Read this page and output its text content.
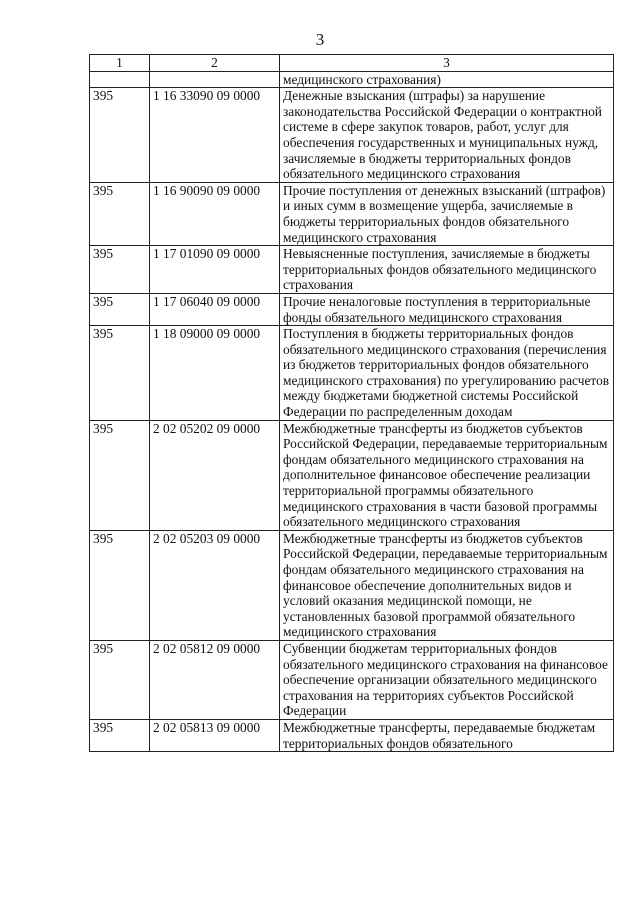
3
1	2	3
		медицинского страхования)
395	1 16 33090 09 0000	Денежные взыскания (штрафы) за нарушение законодательства Российской Федерации о контрактной системе в сфере закупок товаров, работ, услуг для обеспечения государственных и муниципальных нужд, зачисляемые в бюджеты территориальных фондов обязательного медицинского страхования
395	1 16 90090 09 0000	Прочие поступления от денежных взысканий (штрафов) и иных сумм в возмещение ущерба, зачисляемые в бюджеты территориальных фондов обязательного медицинского страхования
395	1 17 01090 09 0000	Невыясненные поступления, зачисляемые в бюджеты территориальных фондов обязательного медицинского страхования
395	1 17 06040 09 0000	Прочие неналоговые поступления в территориальные фонды обязательного медицинского страхования
395	1 18 09000 09 0000	Поступления в бюджеты территориальных фондов обязательного медицинского страхования (перечисления из бюджетов территориальных фондов обязательного медицинского страхования) по урегулированию расчетов между бюджетами бюджетной системы Российской Федерации по распределенным доходам
395	2 02 05202 09 0000	Межбюджетные трансферты из бюджетов субъектов Российской Федерации, передаваемые территориальным фондам обязательного медицинского страхования на дополнительное финансовое обеспечение реализации территориальной программы обязательного медицинского страхования в части базовой программы обязательного медицинского страхования
395	2 02 05203 09 0000	Межбюджетные трансферты из бюджетов субъектов Российской Федерации, передаваемые территориальным фондам обязательного медицинского страхования на финансовое обеспечение дополнительных видов и условий оказания медицинской помощи, не установленных базовой программой обязательного медицинского страхования
395	2 02 05812 09 0000	Субвенции бюджетам территориальных фондов обязательного медицинского страхования на финансовое обеспечение организации обязательного медицинского страхования на территориях субъектов Российской Федерации
395	2 02 05813 09 0000	Межбюджетные трансферты, передаваемые бюджетам территориальных фондов обязательного
